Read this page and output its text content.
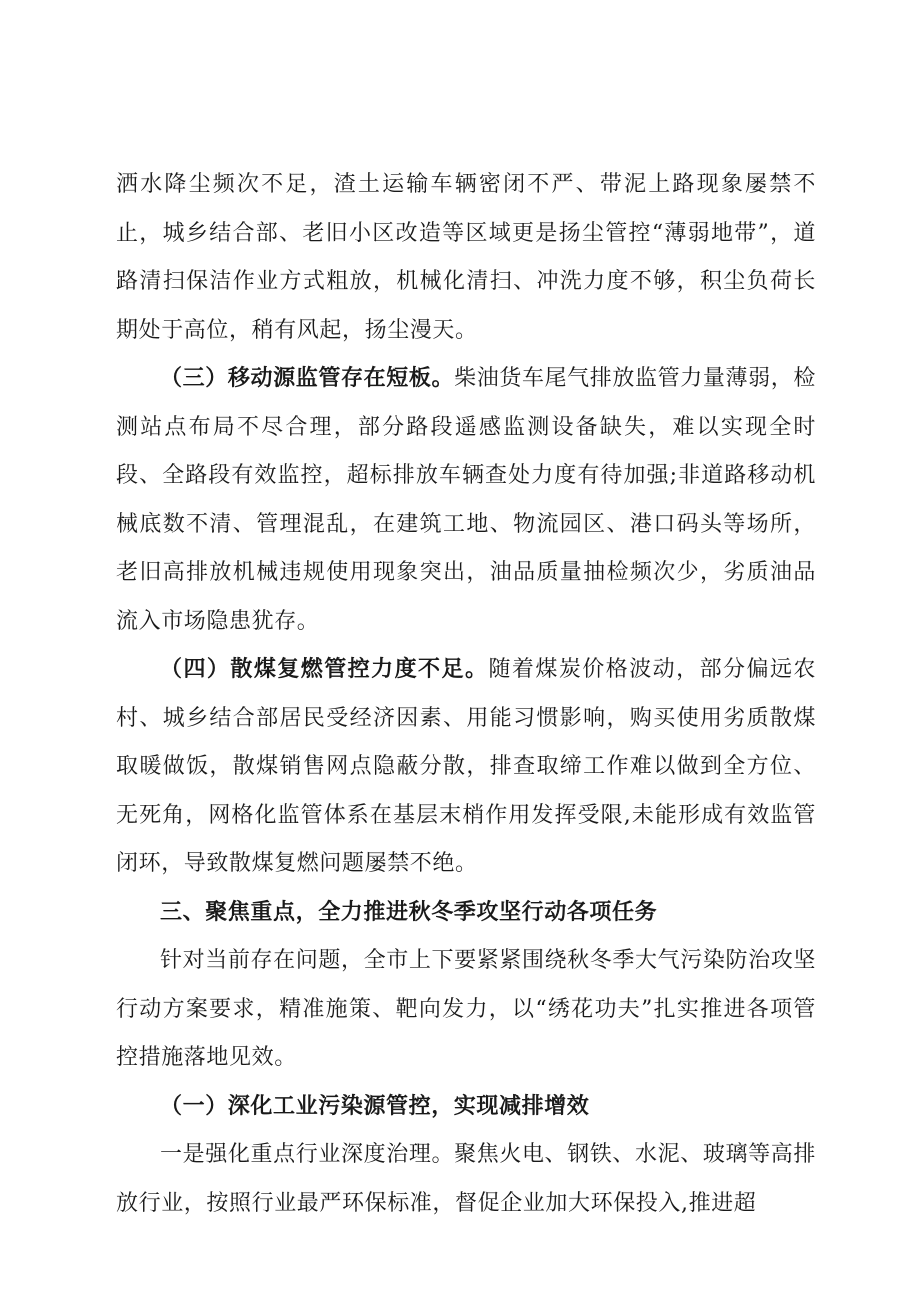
洒水降尘频次不足，渣土运输车辆密闭不严、带泥上路现象屡禁不止，城乡结合部、老旧小区改造等区域更是扬尘管控“薄弱地带”，道路清扫保洁作业方式粗放，机械化清扫、冲洗力度不够，积尘负荷长期处于高位，稍有风起，扬尘漫天。

（三）移动源监管存在短板。柴油货车尾气排放监管力量薄弱，检测站点布局不尽合理，部分路段遥感监测设备缺失，难以实现全时段、全路段有效监控，超标排放车辆查处力度有待加强;非道路移动机械底数不清、管理混乱，在建筑工地、物流园区、港口码头等场所，老旧高排放机械违规使用现象突出，油品质量抽检频次少，劣质油品流入市场隐患犹存。

（四）散煤复燃管控力度不足。随着煤炭价格波动，部分偏远农村、城乡结合部居民受经济因素、用能习惯影响，购买使用劣质散煤取暖做饭，散煤销售网点隐蔽分散，排查取缔工作难以做到全方位、无死角，网格化监管体系在基层末梢作用发挥受限,未能形成有效监管闭环，导致散煤复燃问题屡禁不绝。

三、聚焦重点，全力推进秋冬季攻坚行动各项任务

针对当前存在问题，全市上下要紧紧围绕秋冬季大气污染防治攻坚行动方案要求，精准施策、靶向发力，以“绣花功夫”扎实推进各项管控措施落地见效。

（一）深化工业污染源管控，实现减排增效

一是强化重点行业深度治理。聚焦火电、钢铁、水泥、玻璃等高排放行业，按照行业最严环保标准，督促企业加大环保投入,推进超
